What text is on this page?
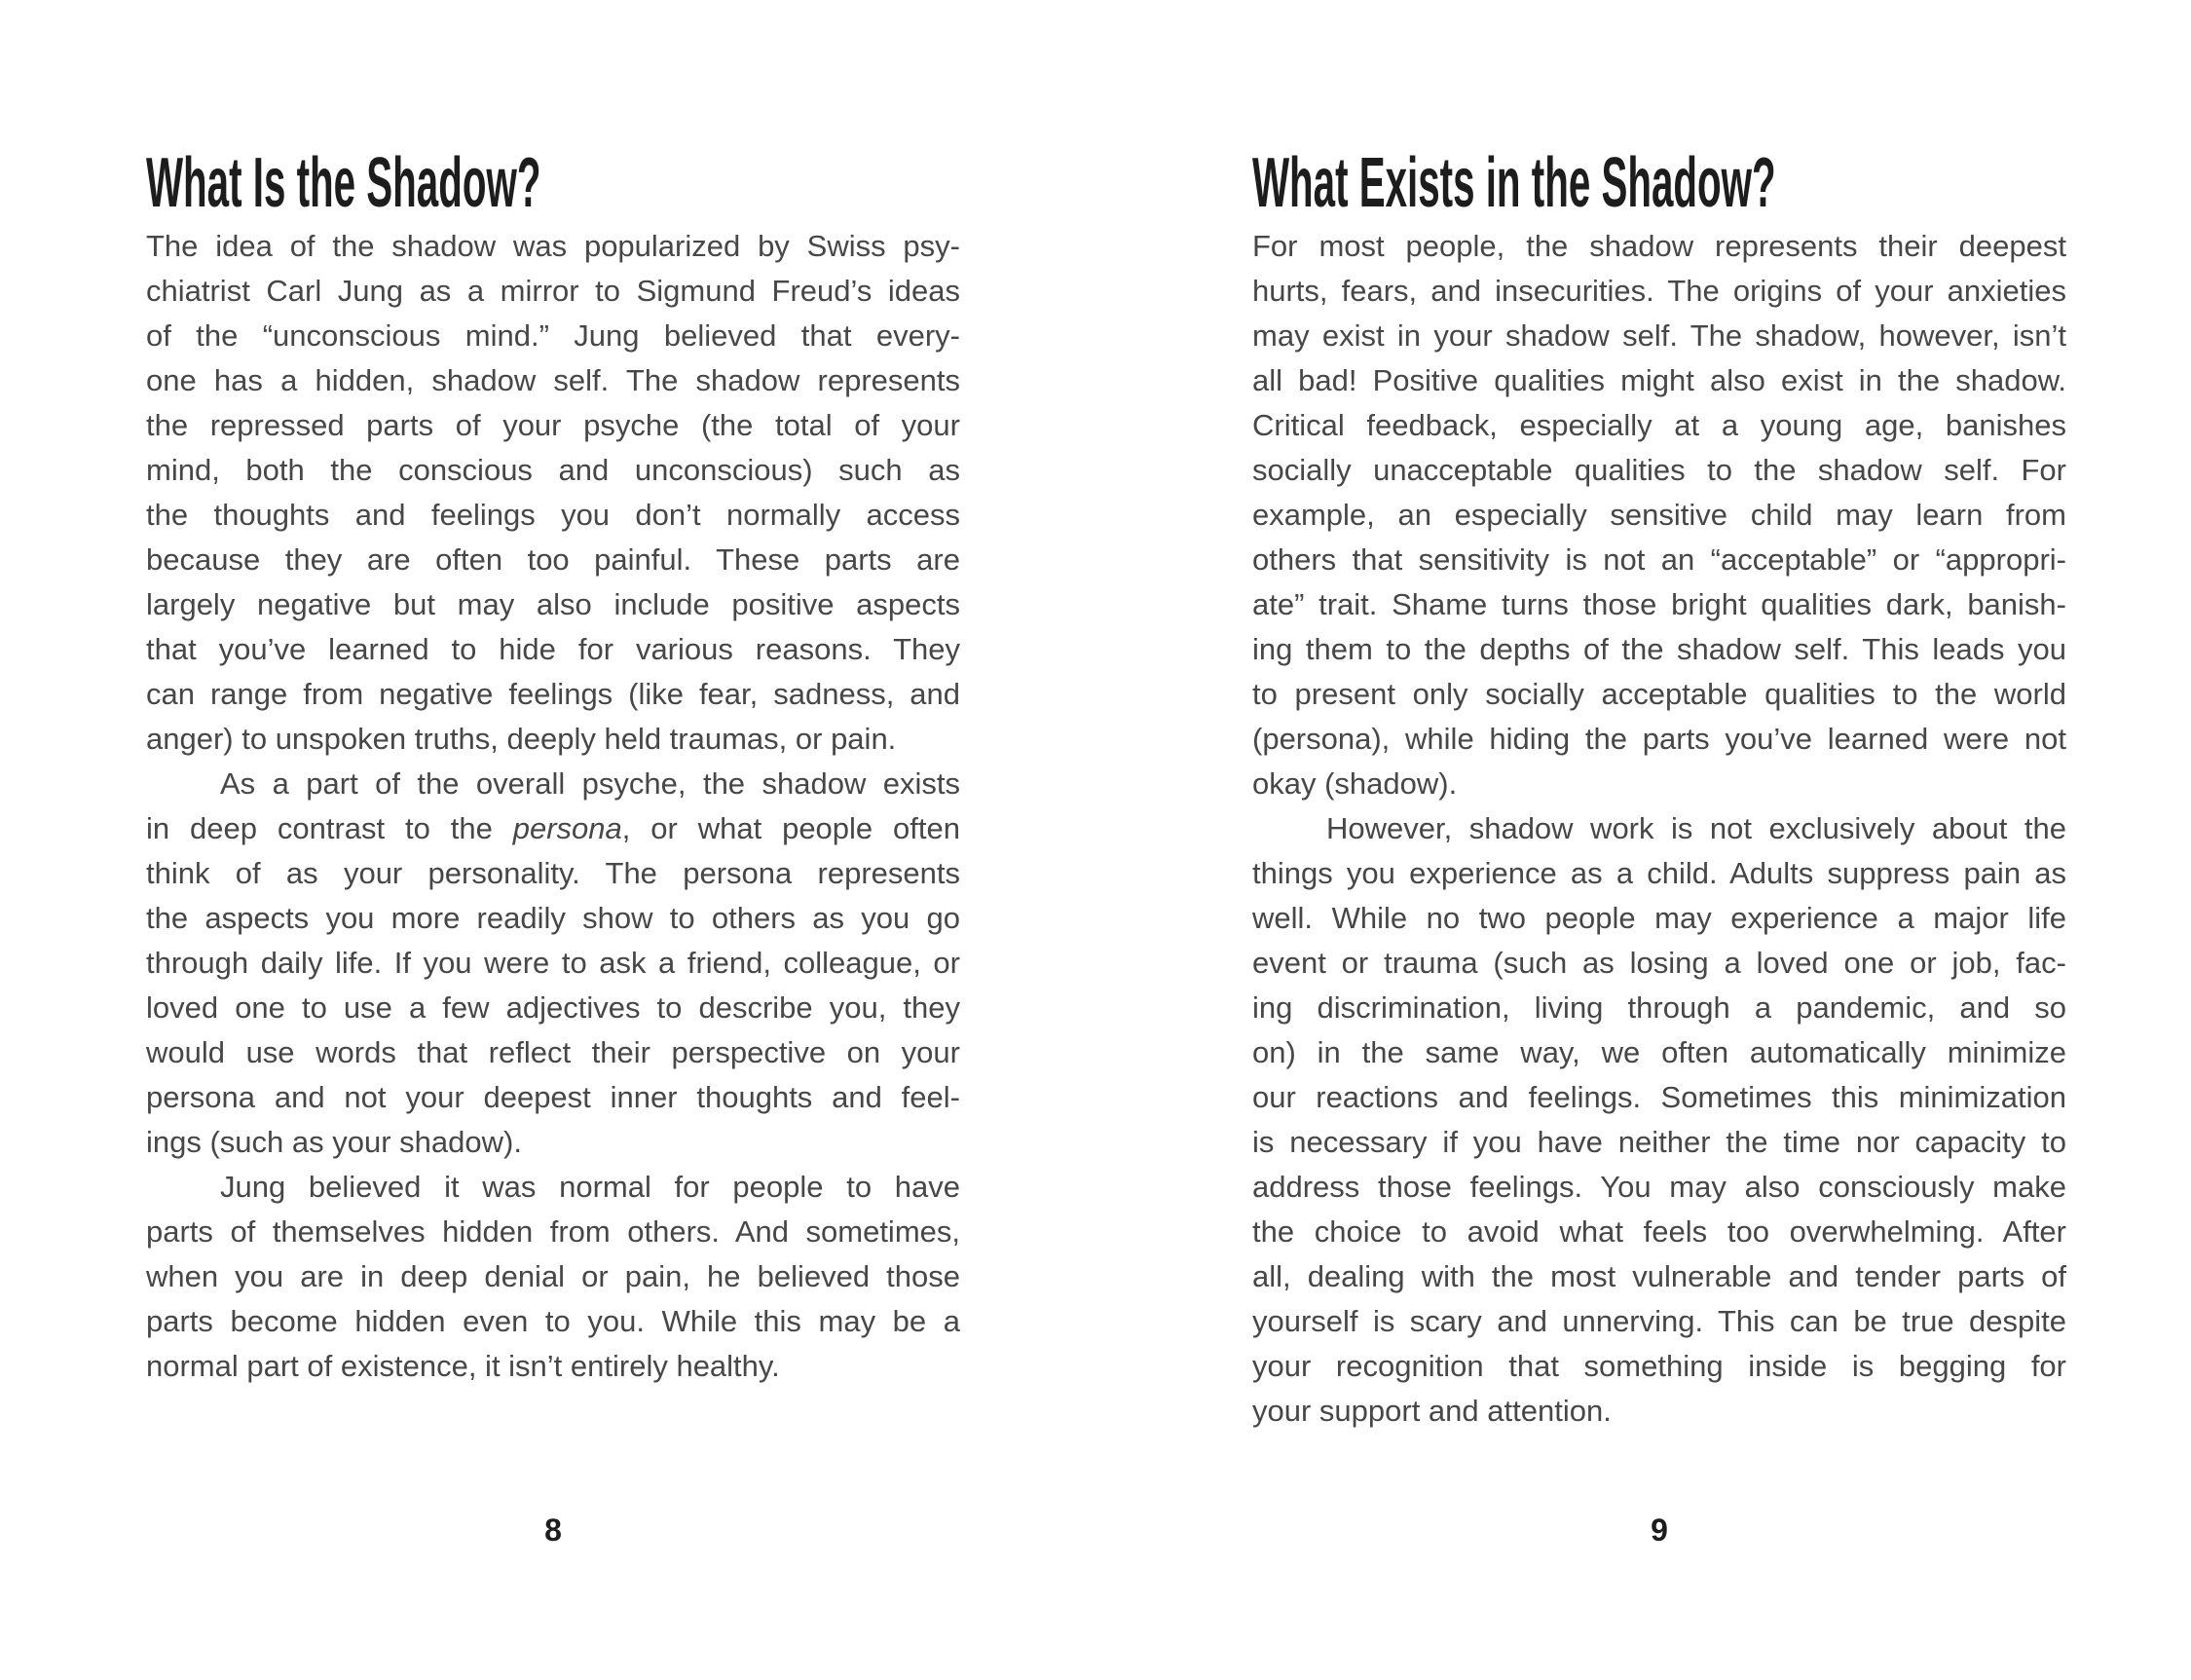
What Is the Shadow?
The idea of the shadow was popularized by Swiss psy-
chiatrist Carl Jung as a mirror to Sigmund Freud’s ideas
of the “unconscious mind.” Jung believed that every-
one has a hidden, shadow self. The shadow represents
the repressed parts of your psyche (the total of your
mind, both the conscious and unconscious) such as
the thoughts and feelings you don’t normally access
because they are often too painful. These parts are
largely negative but may also include positive aspects
that you’ve learned to hide for various reasons. They
can range from negative feelings (like fear, sadness, and
anger) to unspoken truths, deeply held traumas, or pain.
As a part of the overall psyche, the shadow exists
in deep contrast to the persona, or what people often
think of as your personality. The persona represents
the aspects you more readily show to others as you go
through daily life. If you were to ask a friend, colleague, or
loved one to use a few adjectives to describe you, they
would use words that reflect their perspective on your
persona and not your deepest inner thoughts and feel-
ings (such as your shadow).
Jung believed it was normal for people to have
parts of themselves hidden from others. And sometimes,
when you are in deep denial or pain, he believed those
parts become hidden even to you. While this may be a
normal part of existence, it isn’t entirely healthy.
8
What Exists in the Shadow?
For most people, the shadow represents their deepest
hurts, fears, and insecurities. The origins of your anxieties
may exist in your shadow self. The shadow, however, isn’t
all bad! Positive qualities might also exist in the shadow.
Critical feedback, especially at a young age, banishes
socially unacceptable qualities to the shadow self. For
example, an especially sensitive child may learn from
others that sensitivity is not an “acceptable” or “appropri-
ate” trait. Shame turns those bright qualities dark, banish-
ing them to the depths of the shadow self. This leads you
to present only socially acceptable qualities to the world
(persona), while hiding the parts you’ve learned were not
okay (shadow).
However, shadow work is not exclusively about the
things you experience as a child. Adults suppress pain as
well. While no two people may experience a major life
event or trauma (such as losing a loved one or job, fac-
ing discrimination, living through a pandemic, and so
on) in the same way, we often automatically minimize
our reactions and feelings. Sometimes this minimization
is necessary if you have neither the time nor capacity to
address those feelings. You may also consciously make
the choice to avoid what feels too overwhelming. After
all, dealing with the most vulnerable and tender parts of
yourself is scary and unnerving. This can be true despite
your recognition that something inside is begging for
your support and attention.
9
